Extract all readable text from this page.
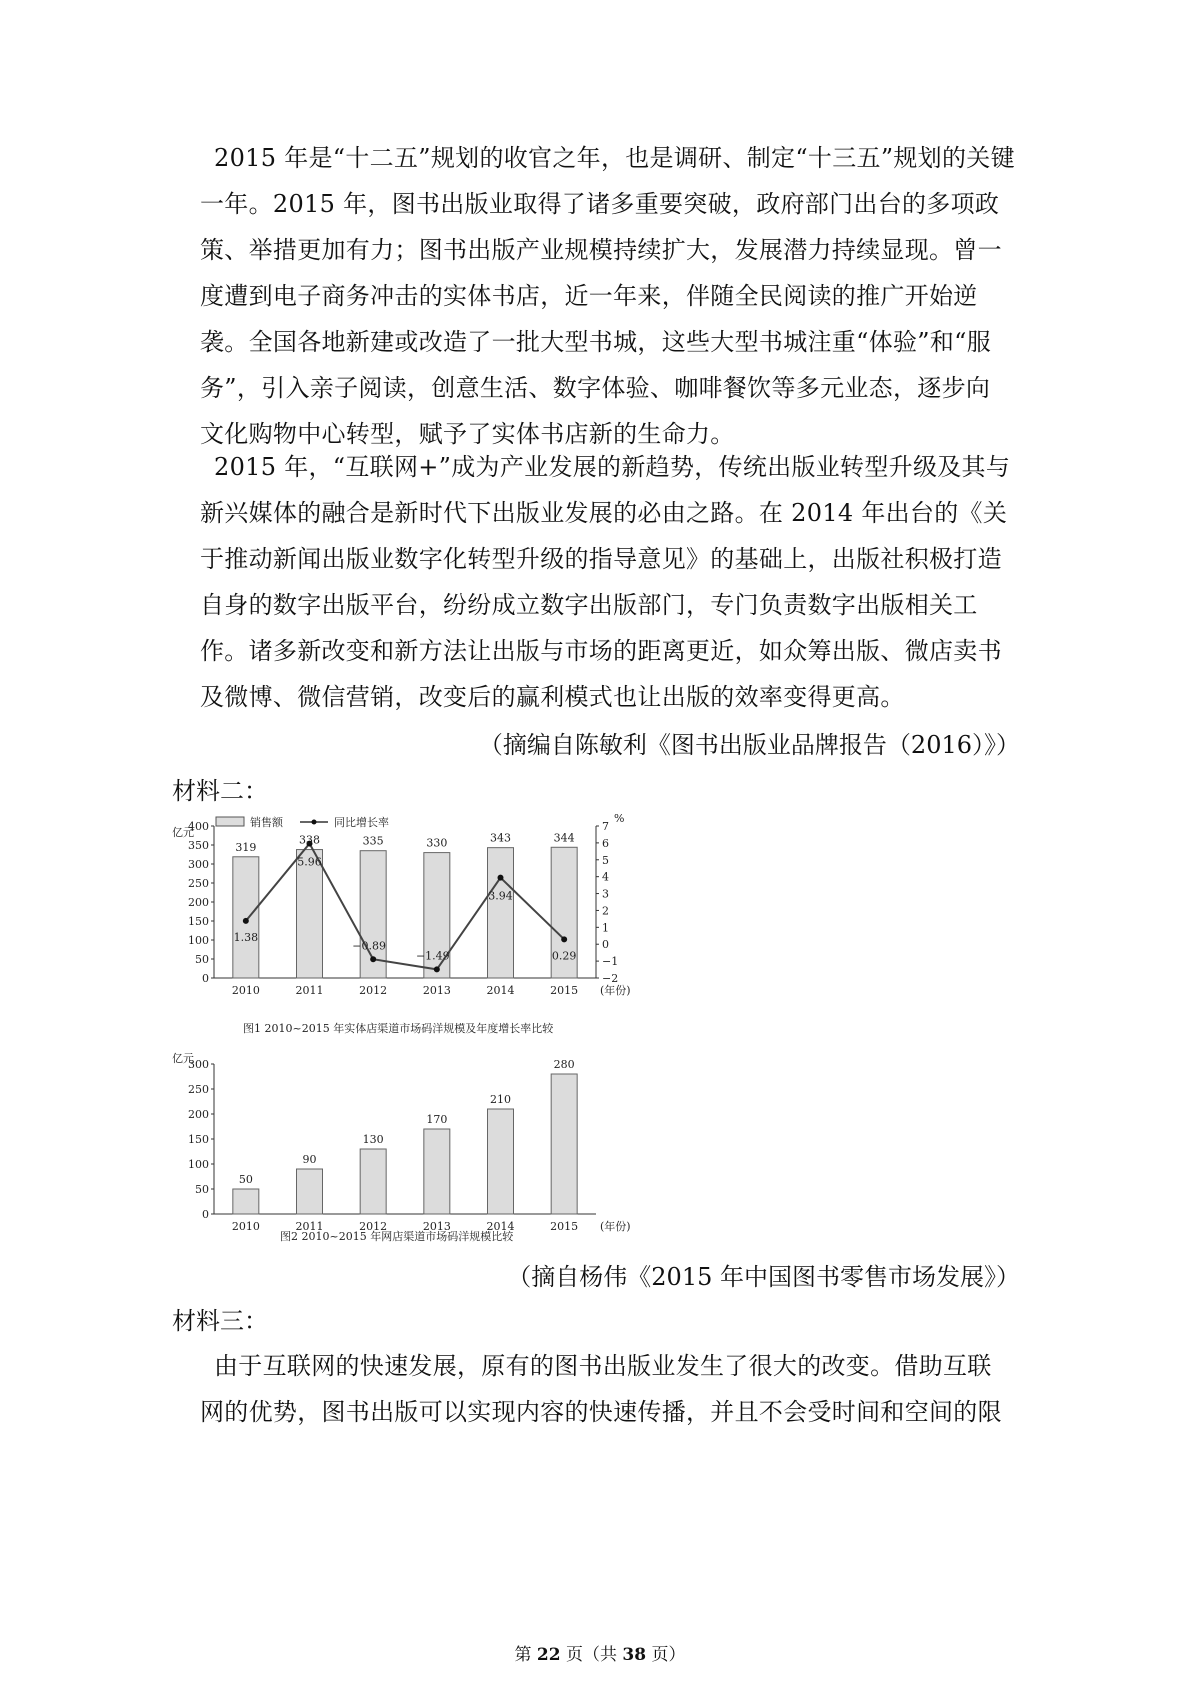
2015 年是“十二五”规划的收官之年，也是调研、制定“十三五”规划的关键
一年。2015 年，图书出版业取得了诸多重要突破，政府部门出台的多项政
策、举措更加有力；图书出版产业规模持续扩大，发展潜力持续显现。曾一
度遭到电子商务冲击的实体书店，近一年来，伴随全民阅读的推广开始逆
袭。全国各地新建或改造了一批大型书城，这些大型书城注重“体验”和“服
务”，引入亲子阅读，创意生活、数字体验、咖啡餐饮等多元业态，逐步向
文化购物中心转型，赋予了实体书店新的生命力。
2015 年，“互联网+”成为产业发展的新趋势，传统出版业转型升级及其与
新兴媒体的融合是新时代下出版业发展的必由之路。在 2014 年出台的《关
于推动新闻出版业数字化转型升级的指导意见》的基础上，出版社积极打造
自身的数字出版平台，纷纷成立数字出版部门，专门负责数字出版相关工
作。诸多新改变和新方法让出版与市场的距离更近，如众筹出版、微店卖书
及微博、微信营销，改变后的赢利模式也让出版的效率变得更高。
（摘编自陈敏利《图书出版业品牌报告（2016）》）
材料二：
销售额	同比增长率
0
50
100
150
200
250
300
350
400
−2
−1
0
1
2
3
4
5
6
7
亿元
%
2010	2011	2012	2013	2014	2015 (年份)
319
338	335	330	343	344
1.38
5.96
−0.89
−1.49
3.94
0.29
图1 2010~2015 年实体店渠道市场码洋规模及年度增长率比较
0
50
100
150
200
250
300
亿元
2010	2011	2012	2013	2014	2015 (年份)
50
90
130
170
210
280
图2 2010~2015 年网店渠道市场码洋规模比较
（摘自杨伟《2015 年中国图书零售市场发展》）
材料三：
由于互联网的快速发展，原有的图书出版业发生了很大的改变。借助互联
网的优势，图书出版可以实现内容的快速传播，并且不会受时间和空间的限
第 22 页（共 38 页）
